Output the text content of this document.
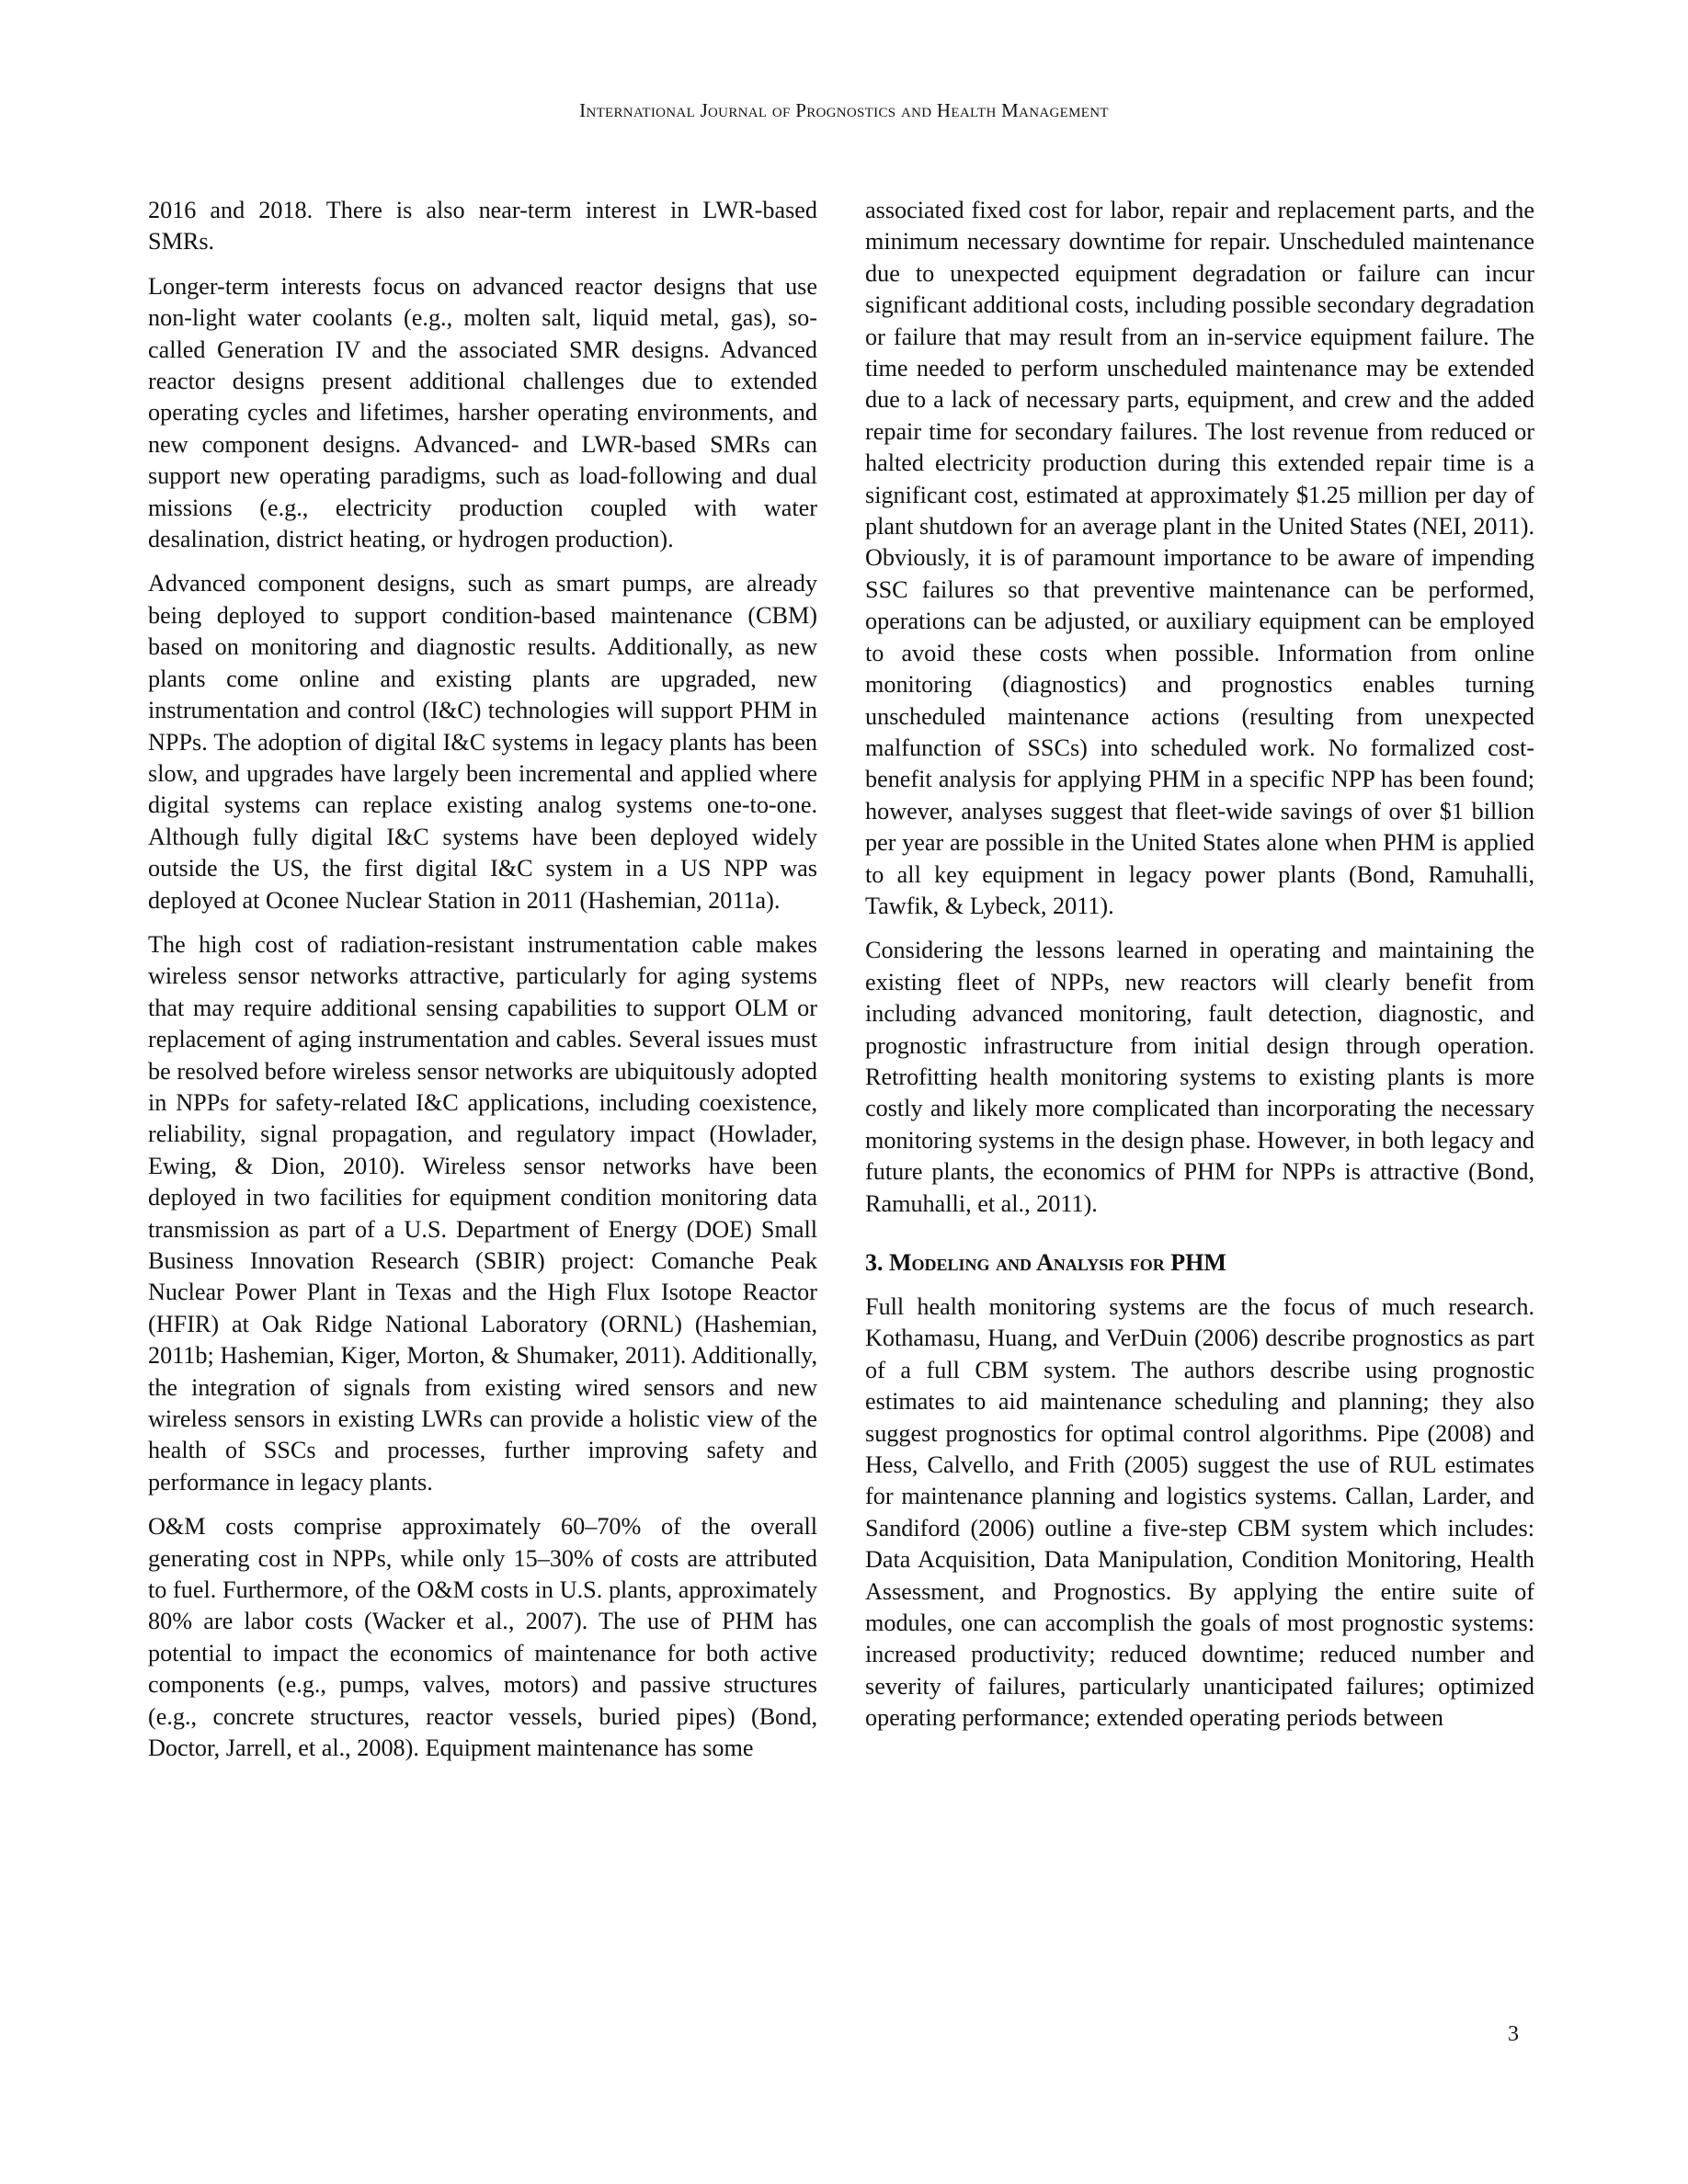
International Journal of Prognostics and Health Management

2016 and 2018. There is also near-term interest in LWR-based SMRs.

Longer-term interests focus on advanced reactor designs that use non-light water coolants (e.g., molten salt, liquid metal, gas), so-called Generation IV and the associated SMR designs. Advanced reactor designs present additional challenges due to extended operating cycles and lifetimes, harsher operating environments, and new component designs. Advanced- and LWR-based SMRs can support new operating paradigms, such as load-following and dual missions (e.g., electricity production coupled with water desalination, district heating, or hydrogen production).

Advanced component designs, such as smart pumps, are already being deployed to support condition-based maintenance (CBM) based on monitoring and diagnostic results. Additionally, as new plants come online and existing plants are upgraded, new instrumentation and control (I&C) technologies will support PHM in NPPs. The adoption of digital I&C systems in legacy plants has been slow, and upgrades have largely been incremental and applied where digital systems can replace existing analog systems one-to-one. Although fully digital I&C systems have been deployed widely outside the US, the first digital I&C system in a US NPP was deployed at Oconee Nuclear Station in 2011 (Hashemian, 2011a).

The high cost of radiation-resistant instrumentation cable makes wireless sensor networks attractive, particularly for aging systems that may require additional sensing capabilities to support OLM or replacement of aging instrumentation and cables. Several issues must be resolved before wireless sensor networks are ubiquitously adopted in NPPs for safety-related I&C applications, including coexistence, reliability, signal propagation, and regulatory impact (Howlader, Ewing, & Dion, 2010). Wireless sensor networks have been deployed in two facilities for equipment condition monitoring data transmission as part of a U.S. Department of Energy (DOE) Small Business Innovation Research (SBIR) project: Comanche Peak Nuclear Power Plant in Texas and the High Flux Isotope Reactor (HFIR) at Oak Ridge National Laboratory (ORNL) (Hashemian, 2011b; Hashemian, Kiger, Morton, & Shumaker, 2011). Additionally, the integration of signals from existing wired sensors and new wireless sensors in existing LWRs can provide a holistic view of the health of SSCs and processes, further improving safety and performance in legacy plants.

O&M costs comprise approximately 60–70% of the overall generating cost in NPPs, while only 15–30% of costs are attributed to fuel. Furthermore, of the O&M costs in U.S. plants, approximately 80% are labor costs (Wacker et al., 2007). The use of PHM has potential to impact the economics of maintenance for both active components (e.g., pumps, valves, motors) and passive structures (e.g., concrete structures, reactor vessels, buried pipes) (Bond, Doctor, Jarrell, et al., 2008). Equipment maintenance has some

associated fixed cost for labor, repair and replacement parts, and the minimum necessary downtime for repair. Unscheduled maintenance due to unexpected equipment degradation or failure can incur significant additional costs, including possible secondary degradation or failure that may result from an in-service equipment failure. The time needed to perform unscheduled maintenance may be extended due to a lack of necessary parts, equipment, and crew and the added repair time for secondary failures. The lost revenue from reduced or halted electricity production during this extended repair time is a significant cost, estimated at approximately $1.25 million per day of plant shutdown for an average plant in the United States (NEI, 2011). Obviously, it is of paramount importance to be aware of impending SSC failures so that preventive maintenance can be performed, operations can be adjusted, or auxiliary equipment can be employed to avoid these costs when possible. Information from online monitoring (diagnostics) and prognostics enables turning unscheduled maintenance actions (resulting from unexpected malfunction of SSCs) into scheduled work. No formalized cost-benefit analysis for applying PHM in a specific NPP has been found; however, analyses suggest that fleet-wide savings of over $1 billion per year are possible in the United States alone when PHM is applied to all key equipment in legacy power plants (Bond, Ramuhalli, Tawfik, & Lybeck, 2011).

Considering the lessons learned in operating and maintaining the existing fleet of NPPs, new reactors will clearly benefit from including advanced monitoring, fault detection, diagnostic, and prognostic infrastructure from initial design through operation. Retrofitting health monitoring systems to existing plants is more costly and likely more complicated than incorporating the necessary monitoring systems in the design phase. However, in both legacy and future plants, the economics of PHM for NPPs is attractive (Bond, Ramuhalli, et al., 2011).

3. Modeling and Analysis for PHM

Full health monitoring systems are the focus of much research. Kothamasu, Huang, and VerDuin (2006) describe prognostics as part of a full CBM system. The authors describe using prognostic estimates to aid maintenance scheduling and planning; they also suggest prognostics for optimal control algorithms. Pipe (2008) and Hess, Calvello, and Frith (2005) suggest the use of RUL estimates for maintenance planning and logistics systems. Callan, Larder, and Sandiford (2006) outline a five-step CBM system which includes: Data Acquisition, Data Manipulation, Condition Monitoring, Health Assessment, and Prognostics. By applying the entire suite of modules, one can accomplish the goals of most prognostic systems: increased productivity; reduced downtime; reduced number and severity of failures, particularly unanticipated failures; optimized operating performance; extended operating periods between

3
